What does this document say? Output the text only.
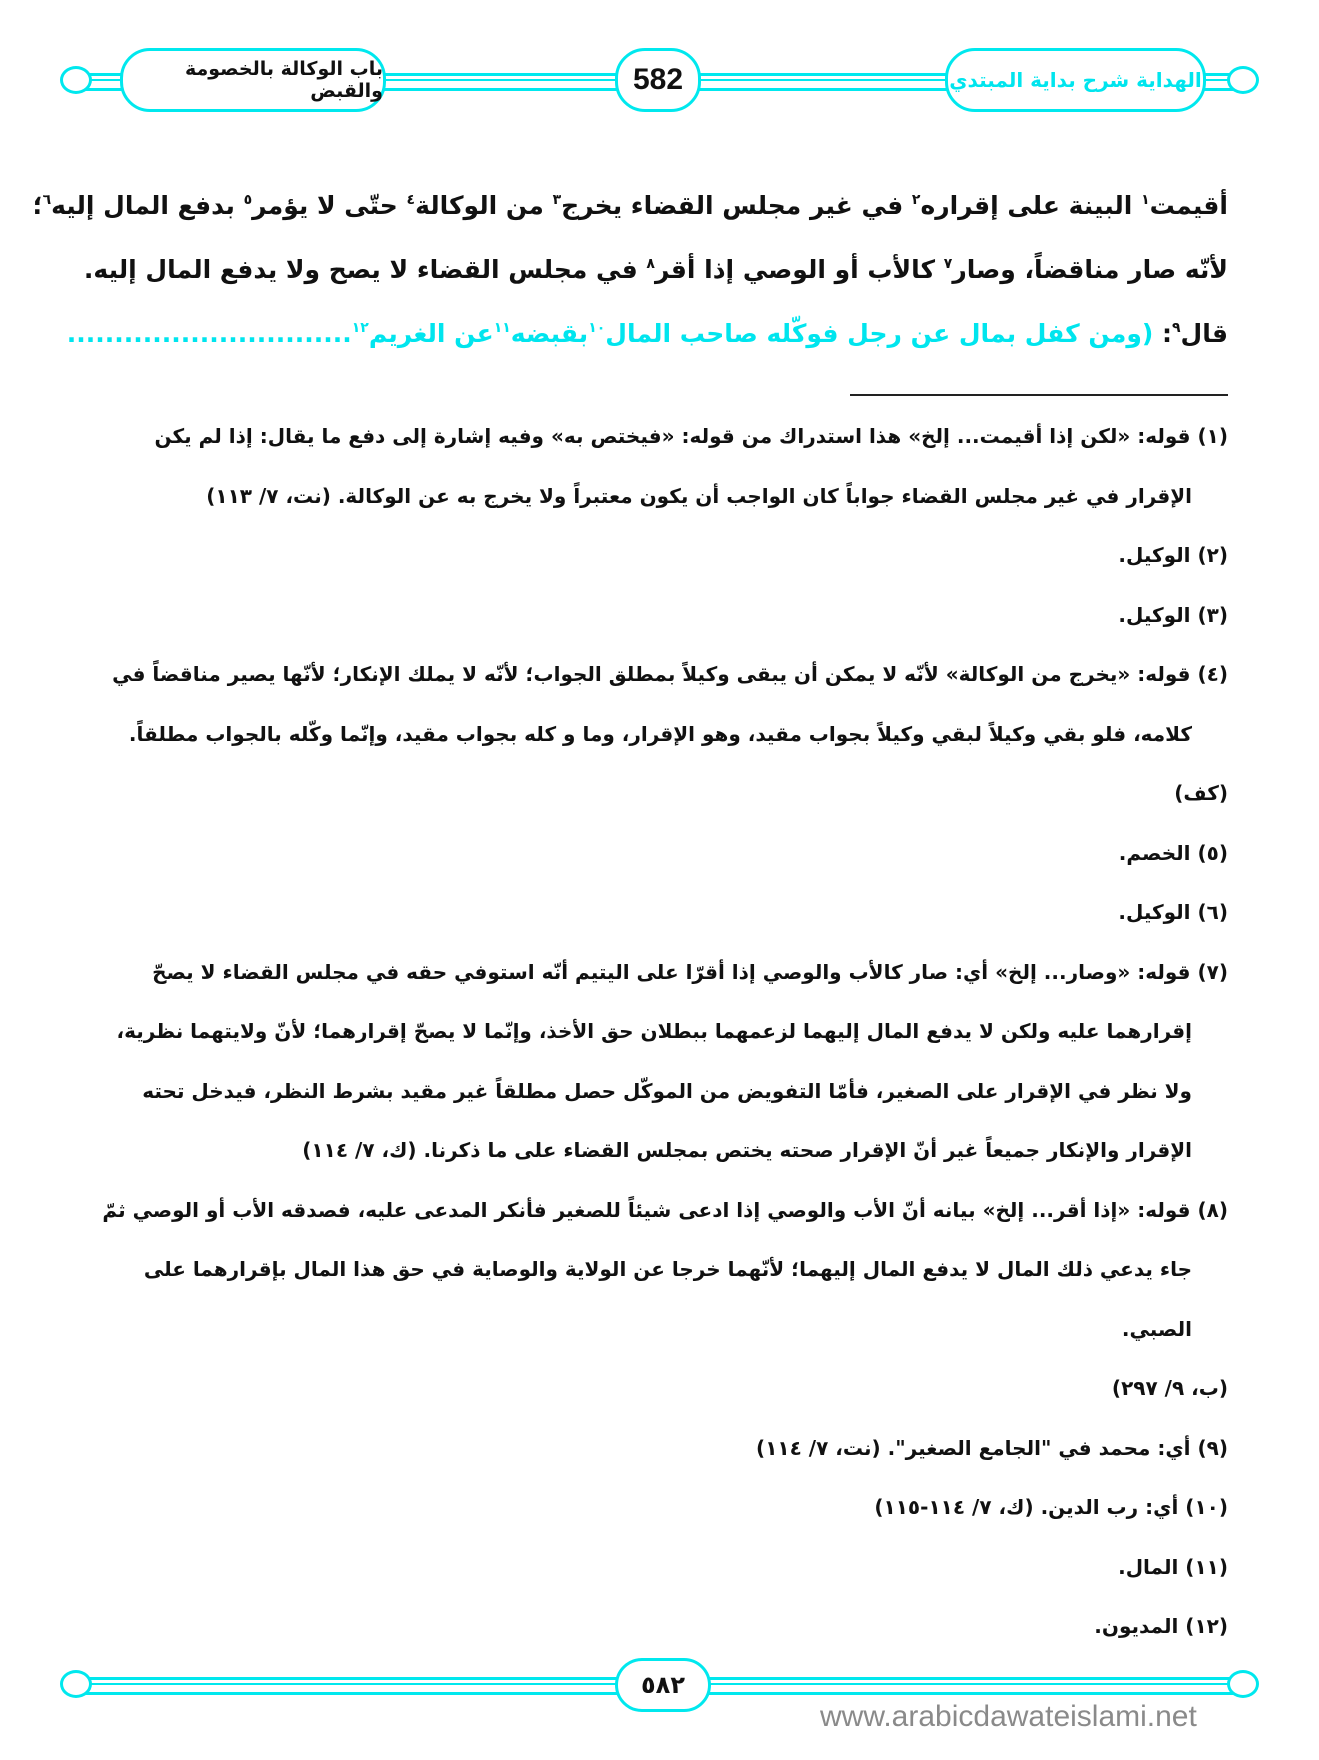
باب الوكالة بالخصومة والقبض	582	الهداية شرح بداية المبتدي
أقيمت$^١$ البينة على إقراره$^٢$ في غير مجلس القضاء يخرج$^٣$ من الوكالة$^٤$ حتّى لا يؤمر$^٥$ بدفع المال إليه$^٦$؛
لأنّه صار مناقضاً، وصار$^٧$ كالأب أو الوصي إذا أقر$^٨$ في مجلس القضاء لا يصح ولا يدفع المال إليه.
قال$^٩$: (ومن كفل بمال عن رجل فوكّله صاحب المال$^{١٠}$بقبضه$^{١١}$عن الغريم$^{١٢}$..............................
(١) قوله: «لكن إذا أقيمت... إلخ» هذا استدراك من قوله: «فيختص به» وفيه إشارة إلى دفع ما يقال: إذا لم يكن الإقرار في غير مجلس القضاء جواباً كان الواجب أن يكون معتبراً ولا يخرج به عن الوكالة. (نت، ٧/ ١١٣)
(٢) الوكيل.
(٣) الوكيل.
(٤) قوله: «يخرج من الوكالة» لأنّه لا يمكن أن يبقى وكيلاً بمطلق الجواب؛ لأنّه لا يملك الإنكار؛ لأنّها يصير مناقضاً في كلامه، فلو بقي وكيلاً لبقي وكيلاً بجواب مقيد، وهو الإقرار، وما و كله بجواب مقيد، وإنّما وكّله بالجواب مطلقاً.
(كف)
(٥) الخصم.
(٦) الوكيل.
(٧) قوله: «وصار... إلخ» أي: صار كالأب والوصي إذا أقرّا على اليتيم أنّه استوفي حقه في مجلس القضاء لا يصحّ إقرارهما عليه ولكن لا يدفع المال إليهما لزعمهما ببطلان حق الأخذ، وإنّما لا يصحّ إقرارهما؛ لأنّ ولايتهما نظرية، ولا نظر في الإقرار على الصغير، فأمّا التفويض من الموكّل حصل مطلقاً غير مقيد بشرط النظر، فيدخل تحته الإقرار والإنكار جميعاً غير أنّ الإقرار صحته يختص بمجلس القضاء على ما ذكرنا. (ك، ٧/ ١١٤)
(٨) قوله: «إذا أقر... إلخ» بيانه أنّ الأب والوصي إذا ادعى شيئاً للصغير فأنكر المدعى عليه، فصدقه الأب أو الوصي ثمّ جاء يدعي ذلك المال لا يدفع المال إليهما؛ لأنّهما خرجا عن الولاية والوصاية في حق هذا المال بإقرارهما على الصبي.
(ب، ٩/ ٢٩٧)
(٩) أي: محمد في "الجامع الصغير". (نت، ٧/ ١١٤)
(١٠) أي: رب الدين. (ك، ٧/ ١١٤-١١٥)
(١١) المال.
(١٢) المديون.
٥٨٢
www.arabicdawateislami.net
